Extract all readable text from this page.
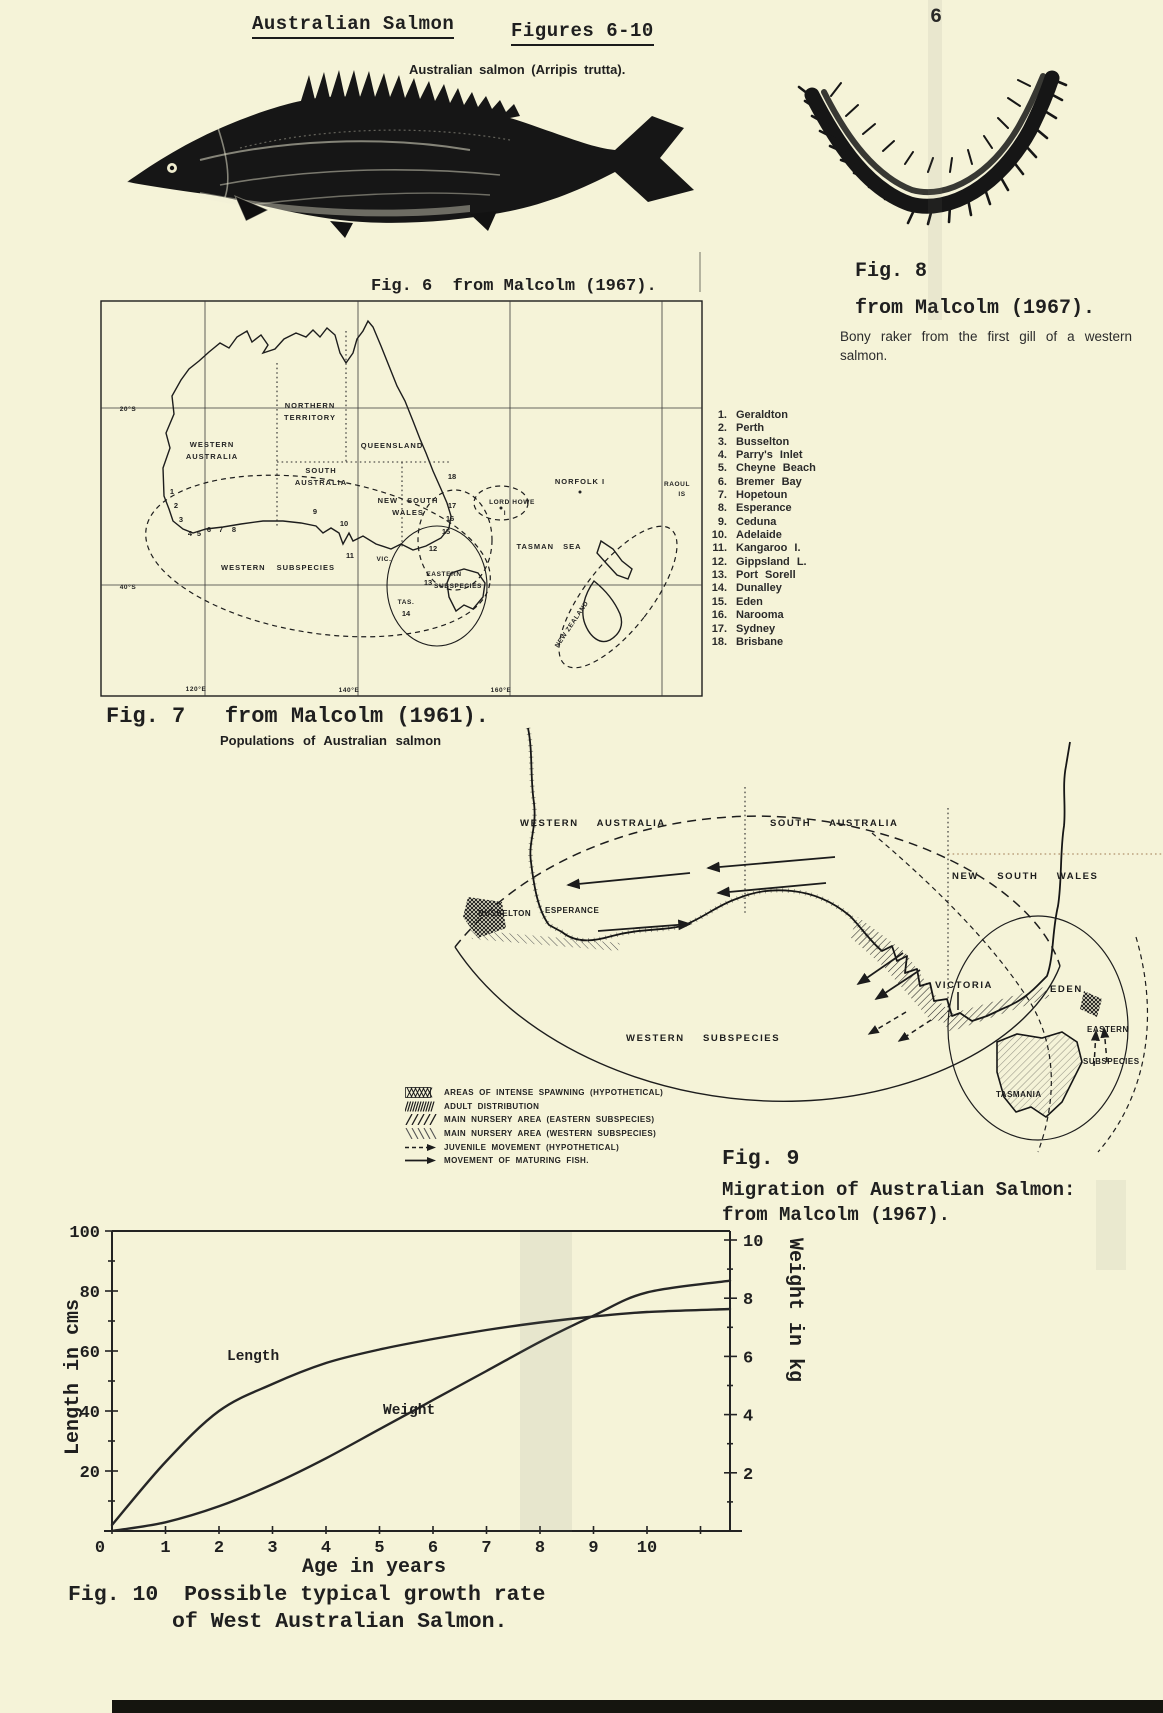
6
Australian Salmon	Figures 6-10
Australian salmon (Arripis trutta).
Fig. 6  from Malcolm (1967).
Fig. 8
from Malcolm (1967).
Bony raker from the first gill of a western salmon.
WESTERN
AUSTRALIA
NORTHERN
TERRITORY
QUEENSLAND
SOUTH
AUSTRALIA
NEW SOUTH
WALES
VIC.
TAS.
WESTERN SUBSPECIES
EASTERN
SUBSPECIES
NORFOLK I
LORD HOWE
I
TASMAN SEA
RAOUL
IS
NEW ZEALAND
20°S
40°S
120°E	140°E	160°E
1
2
3
4 5 6 7 8
9
10
11
12
13
14
15
16
17
18
1. Geraldton
2. Perth
3. Busselton
4. Parry's Inlet
5. Cheyne Beach
6. Bremer Bay
7. Hopetoun
8. Esperance
9. Ceduna
10. Adelaide
11. Kangaroo I.
12. Gippsland L.
13. Port Sorell
14. Dunalley
15. Eden
16. Narooma
17. Sydney
18. Brisbane
Fig. 7   from Malcolm (1961).
Populations of Australian salmon
WESTERN AUSTRALIA	SOUTH AUSTRALIA
NEW SOUTH WALES
VICTORIA	EDEN
EASTERN
SUBSPECIES
WESTERN SUBSPECIES
BUSSELTON ESPERANCE
TASMANIA
AREAS OF INTENSE SPAWNING (HYPOTHETICAL)
ADULT DISTRIBUTION
MAIN NURSERY AREA (EASTERN SUBSPECIES)
MAIN NURSERY AREA (WESTERN SUBSPECIES)
JUVENILE MOVEMENT (HYPOTHETICAL)
MOVEMENT OF MATURING FISH.	Fig. 9
Migration of Australian Salmon:
from Malcolm (1967).
Length in cms	Weight in kg
Age in years
20
40
60
80
100
0	1	2	3	4	5	6	7	8	9 10
2
4
6
8
10
Length
Weight
Fig. 10  Possible typical growth rate
of West Australian Salmon.
